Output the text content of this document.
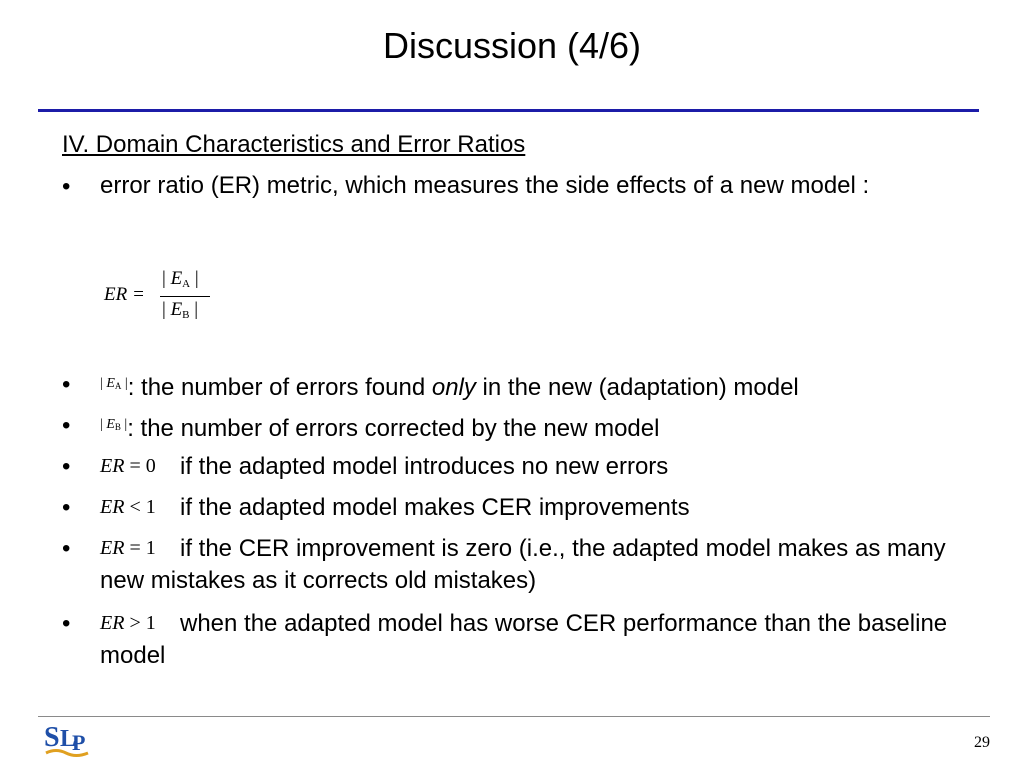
Discussion (4/6)
IV. Domain Characteristics and Error Ratios
• error ratio (ER) metric, which measures the side effects of a new model :
ER =
| $E_A$ |
| $E_B$ |
• | $E_A$ |: the number of errors found only in the new (adaptation) model
• | $E_B$ |: the number of errors corrected by the new model
• ER = 0 if the adapted model introduces no new errors
• ER < 1 if the adapted model makes CER improvements
• ER = 1 if the CER improvement is zero (i.e., the adapted model makes as many new mistakes as it corrects old mistakes)
• ER > 1 when the adapted model has worse CER performance than the baseline model
S L
P	29
